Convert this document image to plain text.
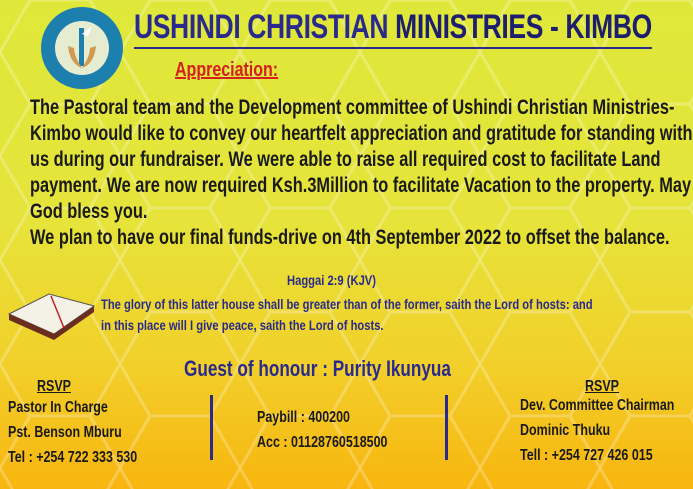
USHINDI CHRISTIAN MINISTRIES - KIMBO
Appreciation:
The Pastoral team and the Development committee of Ushindi Christian Ministries-Kimbo would like to convey our heartfelt appreciation and gratitude for standing with us during our fundraiser. We were able to raise all required cost to facilitate Land payment. We are now required Ksh.3Million to facilitate Vacation to the property. May God bless you.
We plan to have our final funds-drive on 4th September 2022 to offset the balance.
Haggai 2:9 (KJV)
The glory of this latter house shall be greater than of the former, saith the Lord of hosts: and in this place will I give peace, saith the Lord of hosts.
Guest of honour : Purity Ikunyua
RSVP
Pastor In Charge
Pst. Benson Mburu
Tel : +254 722 333 530
Paybill : 400200
Acc : 01128760518500
RSVP
Dev. Committee Chairman
Dominic Thuku
Tell : +254 727 426 015
